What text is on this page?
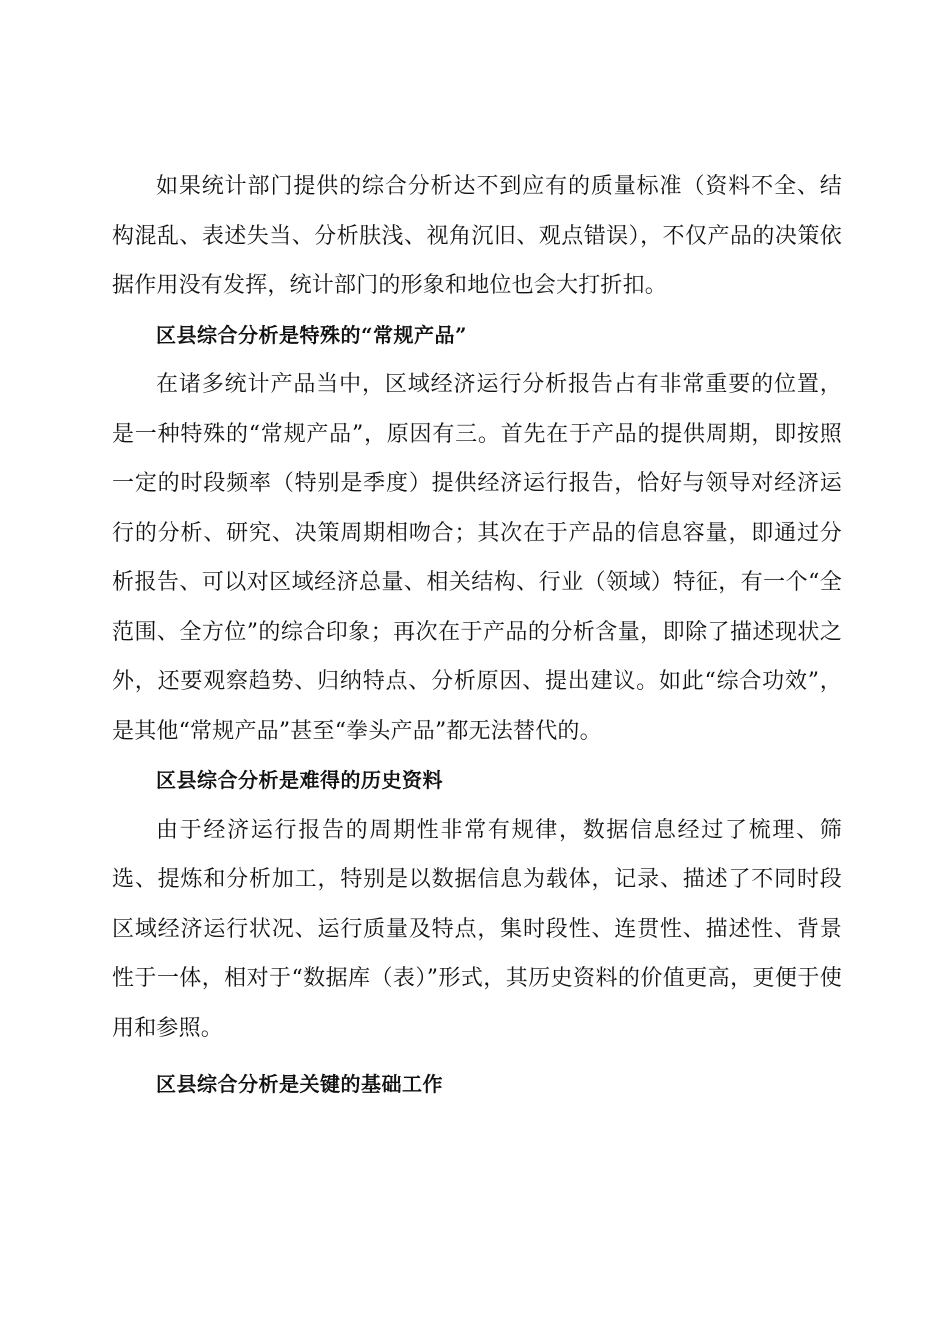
如果统计部门提供的综合分析达不到应有的质量标准（资料不全、结构混乱、表述失当、分析肤浅、视角沉旧、观点错误），不仅产品的决策依据作用没有发挥，统计部门的形象和地位也会大打折扣。

区县综合分析是特殊的“常规产品”

在诸多统计产品当中，区域经济运行分析报告占有非常重要的位置，是一种特殊的“常规产品”，原因有三。首先在于产品的提供周期，即按照一定的时段频率（特别是季度）提供经济运行报告，恰好与领导对经济运行的分析、研究、决策周期相吻合；其次在于产品的信息容量，即通过分析报告、可以对区域经济总量、相关结构、行业（领域）特征，有一个“全范围、全方位”的综合印象；再次在于产品的分析含量，即除了描述现状之外，还要观察趋势、归纳特点、分析原因、提出建议。如此“综合功效”，是其他“常规产品”甚至“拳头产品”都无法替代的。

区县综合分析是难得的历史资料

由于经济运行报告的周期性非常有规律，数据信息经过了梳理、筛选、提炼和分析加工，特别是以数据信息为载体，记录、描述了不同时段区域经济运行状况、运行质量及特点，集时段性、连贯性、描述性、背景性于一体，相对于“数据库（表）”形式，其历史资料的价值更高，更便于使用和参照。

区县综合分析是关键的基础工作
